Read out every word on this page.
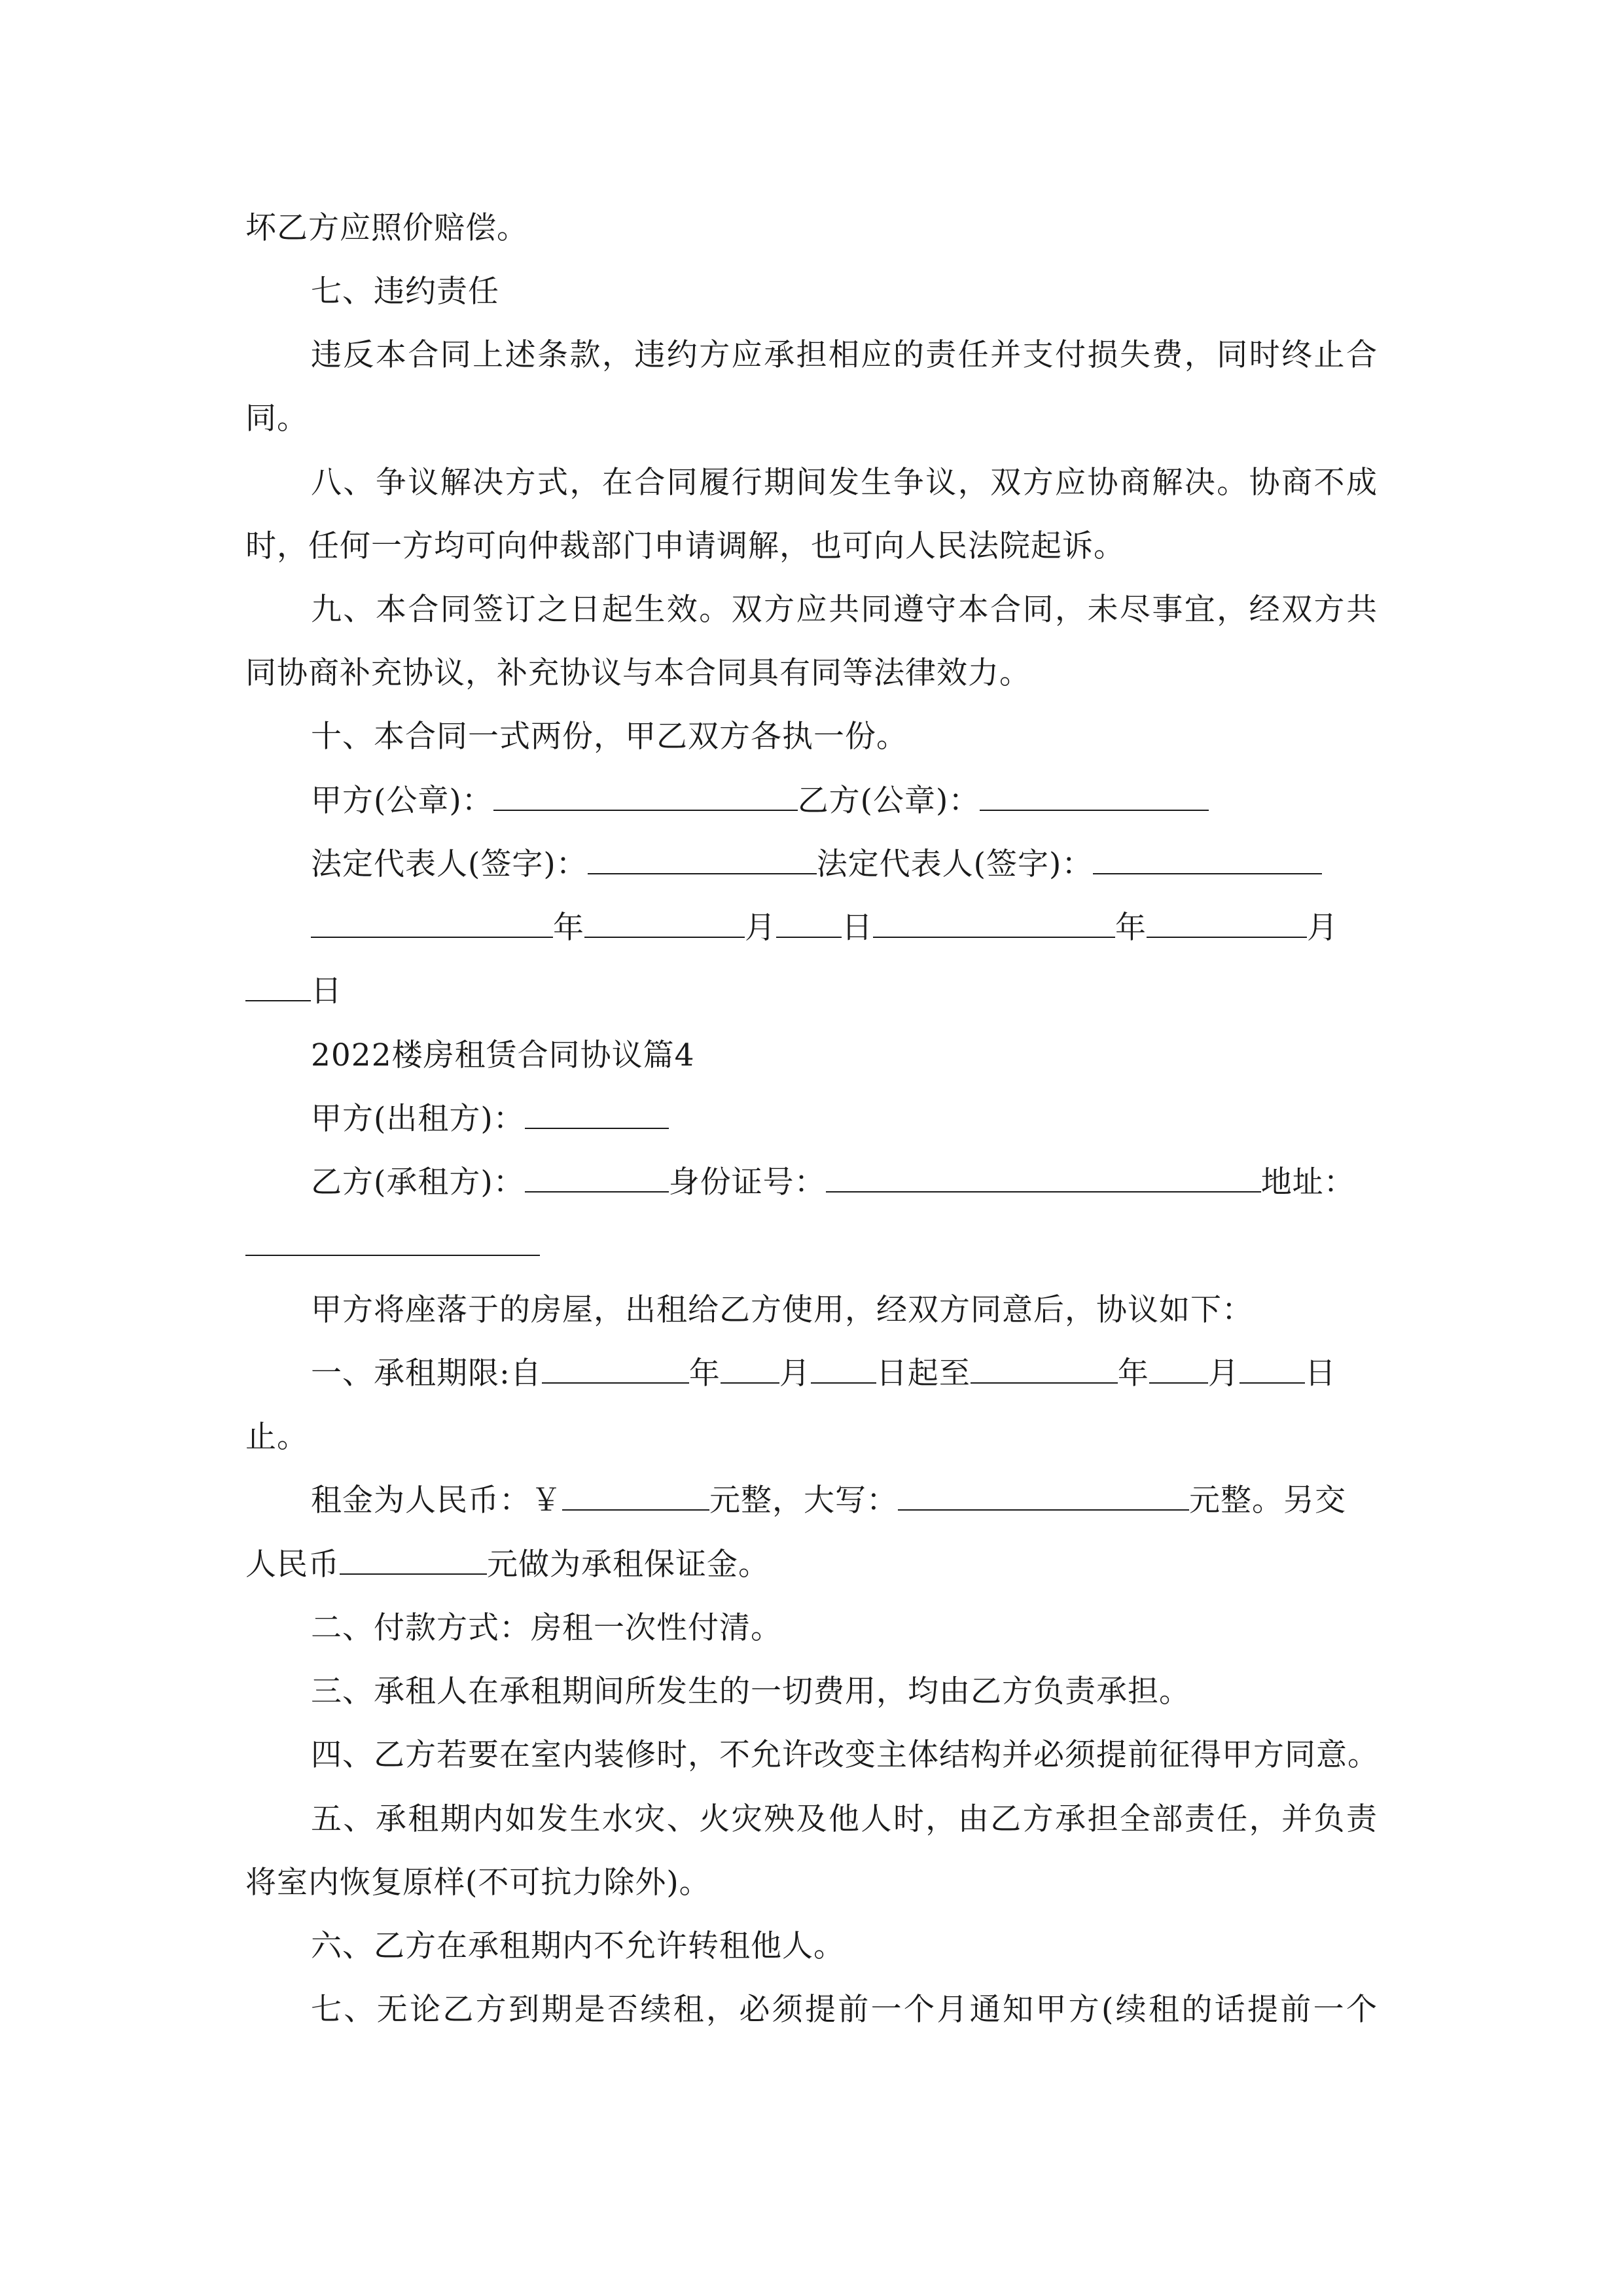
坏乙方应照价赔偿。
七、违约责任
违反本合同上述条款，违约方应承担相应的责任并支付损失费，同时终止合
同。
八、争议解决方式，在合同履行期间发生争议，双方应协商解决。协商不成
时，任何一方均可向仲裁部门申请调解，也可向人民法院起诉。
九、本合同签订之日起生效。双方应共同遵守本合同，未尽事宜，经双方共
同协商补充协议，补充协议与本合同具有同等法律效力。
十、本合同一式两份，甲乙双方各执一份。
甲方(公章)：	乙方(公章)：
法定代表人(签字)：	法定代表人(签字)：
年	月 日	年	月
日
2022楼房租赁合同协议篇4
甲方(出租方)：
乙方(承租方)：	身份证号：	地址：
甲方将座落于的房屋，出租给乙方使用，经双方同意后，协议如下：
一、承租期限:自	年 月 日起至	年 月 日
止。
租金为人民币：￥	元整，大写：	元整。另交
人民币	元做为承租保证金。
二、付款方式：房租一次性付清。
三、承租人在承租期间所发生的一切费用，均由乙方负责承担。
四、乙方若要在室内装修时，不允许改变主体结构并必须提前征得甲方同意。
五、承租期内如发生水灾、火灾殃及他人时，由乙方承担全部责任，并负责
将室内恢复原样(不可抗力除外)。
六、乙方在承租期内不允许转租他人。
七、无论乙方到期是否续租，必须提前一个月通知甲方(续租的话提前一个
